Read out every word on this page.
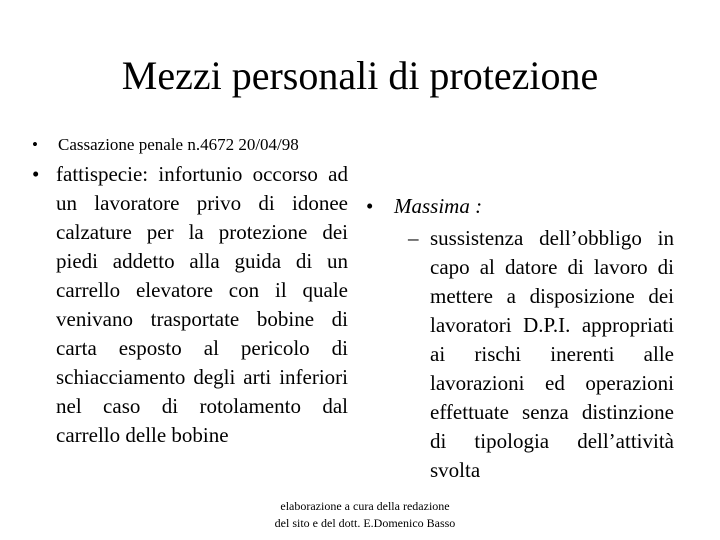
Mezzi personali di protezione
•	Cassazione penale n.4672 20/04/98
• fattispecie: infortunio occorso ad un lavoratore privo di idonee calzature per la protezione dei piedi addetto alla guida di un carrello elevatore con il quale venivano trasportate bobine di carta esposto al pericolo di schiacciamento degli arti inferiori nel caso di rotolamento dal carrello delle bobine
• Massima :
– sussistenza dell’obbligo in capo al datore di lavoro di mettere a disposizione dei lavoratori D.P.I. appropriati ai rischi inerenti alle lavorazioni ed operazioni effettuate senza distinzione di tipologia dell’attività svolta
elaborazione a cura della redazione
del sito e del dott. E.Domenico Basso
